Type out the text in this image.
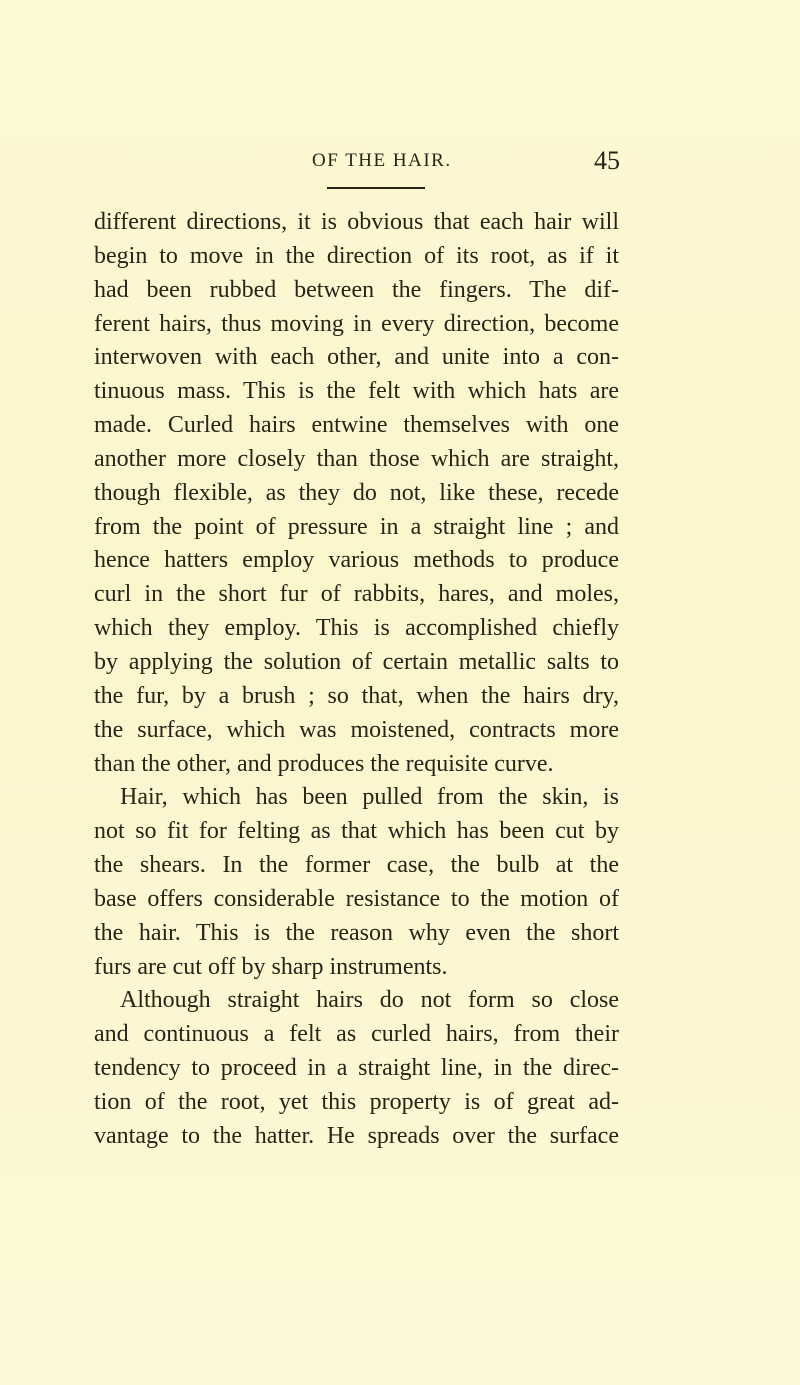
OF THE HAIR.	45
different directions, it is obvious that each hair will
begin to move in the direction of its root, as if it
had been rubbed between the fingers. The dif-
ferent hairs, thus moving in every direction, become
interwoven with each other, and unite into a con-
tinuous mass. This is the felt with which hats are
made. Curled hairs entwine themselves with one
another more closely than those which are straight,
though flexible, as they do not, like these, recede
from the point of pressure in a straight line ; and
hence hatters employ various methods to produce
curl in the short fur of rabbits, hares, and moles,
which they employ. This is accomplished chiefly
by applying the solution of certain metallic salts to
the fur, by a brush ; so that, when the hairs dry,
the surface, which was moistened, contracts more
than the other, and produces the requisite curve.
Hair, which has been pulled from the skin, is
not so fit for felting as that which has been cut by
the shears. In the former case, the bulb at the
base offers considerable resistance to the motion of
the hair. This is the reason why even the short
furs are cut off by sharp instruments.
Although straight hairs do not form so close
and continuous a felt as curled hairs, from their
tendency to proceed in a straight line, in the direc-
tion of the root, yet this property is of great ad-
vantage to the hatter. He spreads over the surface
